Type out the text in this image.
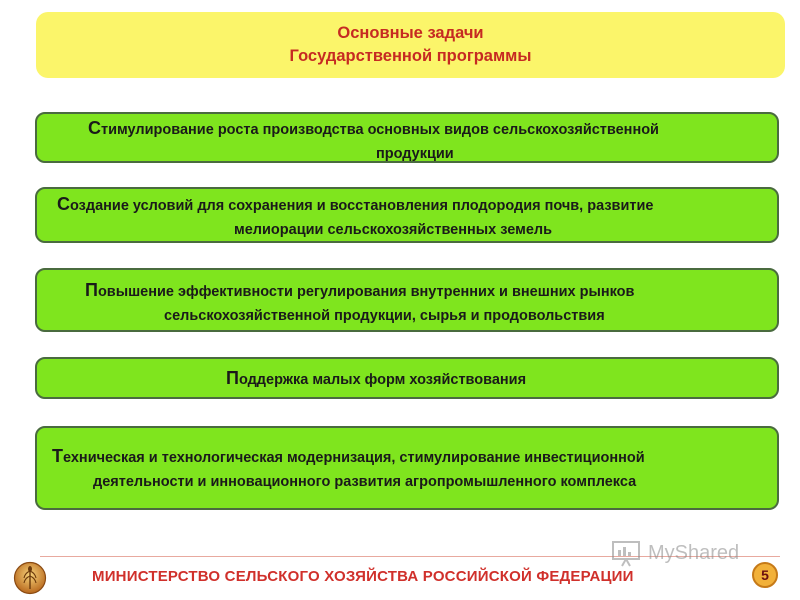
Основные задачи
Государственной программы
Стимулирование роста производства основных видов сельскохозяйственной
продукции
Создание условий для сохранения и восстановления плодородия почв, развитие
мелиорации сельскохозяйственных земель
Повышение эффективности регулирования внутренних и внешних рынков
сельскохозяйственной продукции, сырья и продовольствия
Поддержка малых форм хозяйствования
Техническая и технологическая модернизация, стимулирование инвестиционной
деятельности и инновационного развития агропромышленного комплекса
МИНИСТЕРСТВО СЕЛЬСКОГО ХОЗЯЙСТВА РОССИЙСКОЙ ФЕДЕРАЦИИ
MyShared
5
